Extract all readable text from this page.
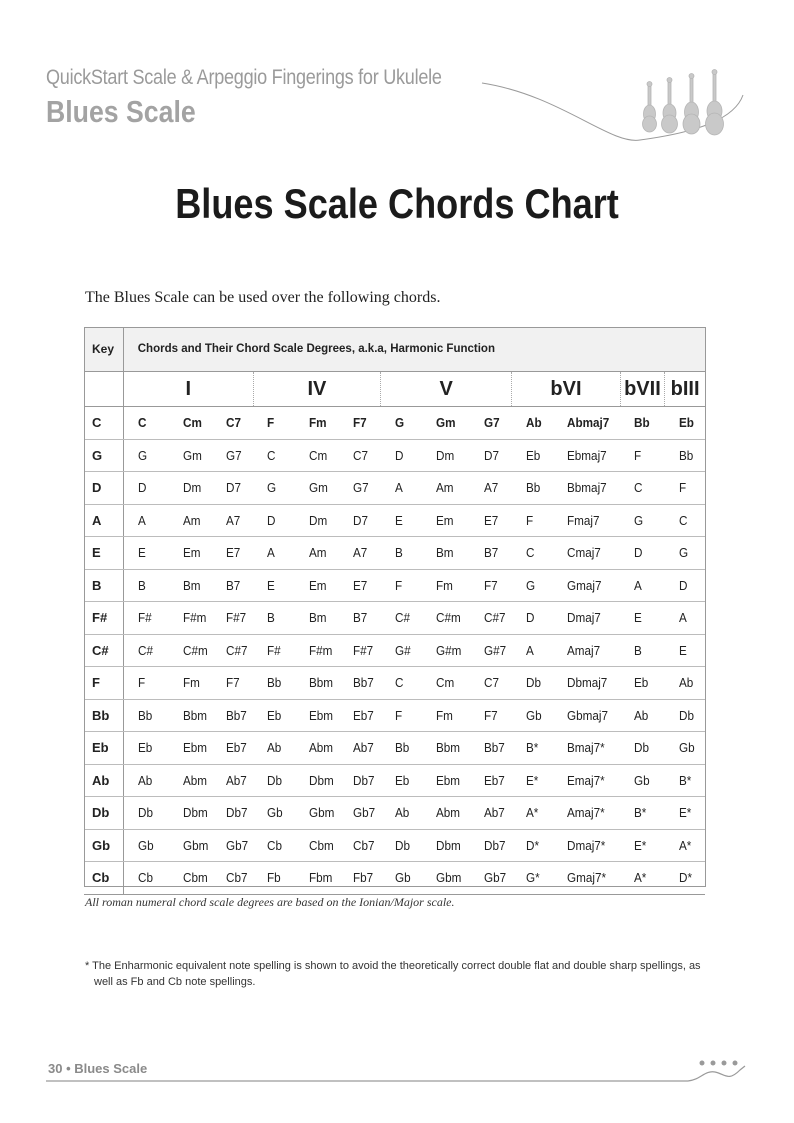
QuickStart Scale & Arpeggio Fingerings for Ukulele
Blues Scale
Blues Scale Chords Chart
The Blues Scale can be used over the following chords.
Key	Chords and Their Chord Scale Degrees, a.k.a, Harmonic Function												
	I			IV			V			bVI		bVII	bIII
C	C	Cm	C7	F	Fm	F7	G	Gm	G7	Ab	Abmaj7	Bb	Eb
G	G	Gm	G7	C	Cm	C7	D	Dm	D7	Eb	Ebmaj7	F	Bb
D	D	Dm	D7	G	Gm	G7	A	Am	A7	Bb	Bbmaj7	C	F
A	A	Am	A7	D	Dm	D7	E	Em	E7	F	Fmaj7	G	C
E	E	Em	E7	A	Am	A7	B	Bm	B7	C	Cmaj7	D	G
B	B	Bm	B7	E	Em	E7	F	Fm	F7	G	Gmaj7	A	D
F#	F#	F#m	F#7	B	Bm	B7	C#	C#m	C#7	D	Dmaj7	E	A
C#	C#	C#m	C#7	F#	F#m	F#7	G#	G#m	G#7	A	Amaj7	B	E
F	F	Fm	F7	Bb	Bbm	Bb7	C	Cm	C7	Db	Dbmaj7	Eb	Ab
Bb	Bb	Bbm	Bb7	Eb	Ebm	Eb7	F	Fm	F7	Gb	Gbmaj7	Ab	Db
Eb	Eb	Ebm	Eb7	Ab	Abm	Ab7	Bb	Bbm	Bb7	B*	Bmaj7*	Db	Gb
Ab	Ab	Abm	Ab7	Db	Dbm	Db7	Eb	Ebm	Eb7	E*	Emaj7*	Gb	B*
Db	Db	Dbm	Db7	Gb	Gbm	Gb7	Ab	Abm	Ab7	A*	Amaj7*	B*	E*
Gb	Gb	Gbm	Gb7	Cb	Cbm	Cb7	Db	Dbm	Db7	D*	Dmaj7*	E*	A*
Cb	Cb	Cbm	Cb7	Fb	Fbm	Fb7	Gb	Gbm	Gb7	G*	Gmaj7*	A*	D*
All roman numeral chord scale degrees are based on the Ionian/Major scale.
* The Enharmonic equivalent note spelling is shown to avoid the theoretically correct double flat and double sharp spellings, as well as Fb and Cb note spellings.
30 • Blues Scale
